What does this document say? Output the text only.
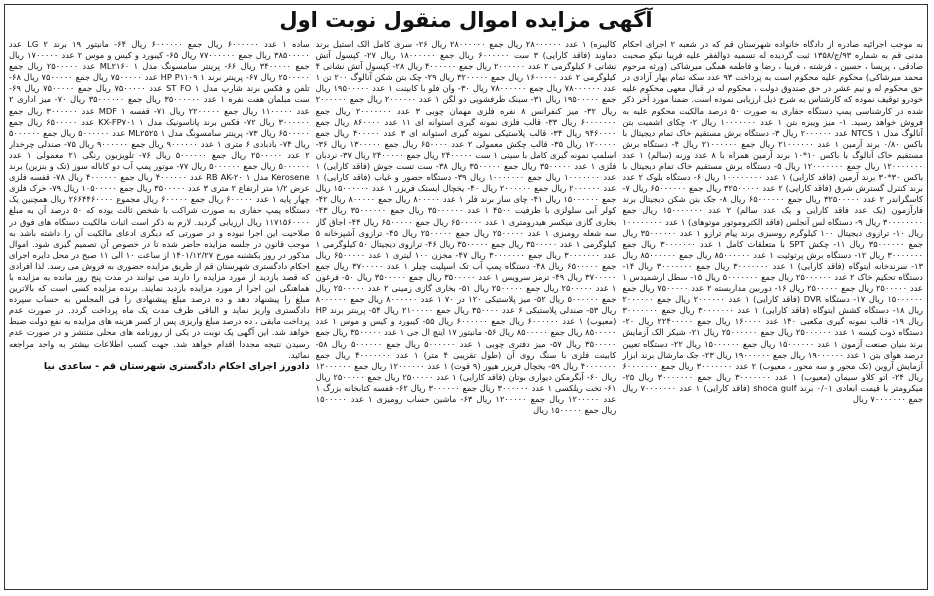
آگهی مزایده اموال منقول نوبت اول

به موجب اجرائیه صادره از دادگاه خانواده شهرستان قم که در شعبه ۲ اجرای احکام مدنی قم به شماره ۹۳/ج/۱۳۵۸ ثبت گردیده له تسمیه ذوالفقر علیه فریبا نیکو صحبت صادقی ، پریسا ، حسین ، فرشته ، فریبا ، رضا و فاطمه همگی میرشاکی (ورثه مرحوم محمد میرشاکی) محکوم علیه محکوم است به پرداخت ۹۳ عدد سکه تمام بهار آزادی در حق محکوم له و نیم عشر در حق صندوق دولت ، محکوم له در قبال معهی محکوم علیه خودرو توقیف نموده که کارشناس به شرح ذیل ارزیابی نموده است. ضمنا مورد آخر ذکر شده در کارشناسی پمپ دستگاه حفاری به صورت ۵۰ درصد مالکیت محکوم علیه به فروش خواهد رسید. ۱- میز ویبره بتن ۱ عدد ۱۰۰۰۰۰۰۰ ریال ۲- چکای اشمیت بتن آنالوگ مدل NTCS ۱ عدد ۲۰۰۰۰۰۰ ریال ۳- دستگاه برش مستقیم خاک تمام دیجیتال با باکس ۰/۸۰ برند آرمین ۱ عدد ۲۱۰۰۰۰۰۰ ریال جمع ۲۱۰۰۰۰۰۰ ریال ۴- دستگاه برش مستقیم خاک آنالوگ با باکس ۱۰*۱۰ برند آرمین همراه با ۸ عدد وزنه (سالم) ۱ عدد ۱۲۰۰۰۰۰۰۰ ریال جمع ۱۲۰۰۰۰۰۰۰ ریال ۵- دستگاه برش مستقیم خاک تمام دیجیتال با باکس ۳۰*۳۰ برند آرمین (فاقد کارایی) ۱ عدد ۱۰۰۰۰۰۰۰۰ ریال ۶- دستگاه بلوک ۲ عدد برند کنترل گسترش شرق (فاقد کارایی) ۲ عدد ۳۲۵۰۰۰۰۰ ریال جمع ۶۵۰۰۰۰۰۰ ریال ۷- کاسگراندر ۲ عدد ۳۲۵۰۰۰۰۰ ریال جمع ۶۵۰۰۰۰۰۰ ریال ۸- جک بتن شکن دیجیتال برند فارآزمون (یک عدد فاقد کارایی و یک عدد سالم) ۲ عدد ۱۵۰۰۰۰۰۰۰ ریال جمع ۳۰۰۰۰۰۰۰۰ ریال ۹- دستگاه لس آنجلس (فاقد الکتروموتور موتوهای) ۱ عدد ۱۰۰۰۰۰۰۰۰ ریال ۱۰- ترازوی دیجیتال ۱۰۰ کیلوگرم روسیزی برند پیام ترازو ۱ عدد ۳۵۰۰۰۰۰۰ ریال جمع ۳۵۰۰۰۰۰۰ ریال ۱۱- چکش SPT با متعلقات کامل ۱ عدد ۳۰۰۰۰۰۰۰ ریال جمع ۳۰۰۰۰۰۰۰ ریال ۱۲- دستگاه برش پرتوئیت ۱ عدد ۸۵۰۰۰۰۰۰ ریال جمع ۸۵۰۰۰۰۰۰ ریال ۱۳- سرندخانه ایتوگاه (فاقد کارایی) ۱ عدد ۳۰۰۰۰۰۰۰ ریال جمع ۳۰۰۰۰۰۰۰ ریال ۱۴- دستگاه تحکیم خاک ۲ عدد ۲۵۰۰۰۰۰۰ ریال جمع ۵۰۰۰۰۰۰۰ ریال ۱۵- سطل ارشمیدس ۱ عدد ۲۵۰۰۰۰۰ ریال جمع ۲۵۰۰۰۰۰ ریال ۱۶- دوربین مداربسته ۲ عدد ۷۵۰۰۰۰۰ ریال جمع ۱۵۰۰۰۰۰۰ ریال ۱۷- دستگاه DVR (فاقد کارایی) ۱ عدد ۲۰۰۰۰۰۰ ریال جمع ۲۰۰۰۰۰۰ ریال ۱۸- دستگاه کشش ایتوگاه (فاقد کارایی) ۱ عدد ۳۰۰۰۰۰۰۰ ریال جمع ۳۰۰۰۰۰۰۰ ریال ۱۹- قالب نمونه گیری مکعبی ۱۴۰ عدد ۱۶۰۰۰۰ ریال جمع ۲۲۴۰۰۰۰۰ ریال ۲۰- دستگاه ذوب کیسه ۱ عدد ۲۵۰۰۰۰۰۰ ریال جمع ۲۵۰۰۰۰۰۰ ریال ۲۱- شیکر الک آزمایش برند بنیان صنعت آزمون ۱ عدد ۱۵۰۰۰۰۰۰ ریال جمع ۱۵۰۰۰۰۰۰ ریال ۲۲- دستگاه تعیین درصد هوای بتن ۱ عدد ۱۹۰۰۰۰۰۰ ریال جمع ۱۹۰۰۰۰۰۰ ریال ۲۳- جک مارشال برند ابزار آزمایش آروین (تک محور و سه محور ، معیوب) ۲ عدد ۳۰۰۰۰۰۰۰ ریال جمع ۶۰۰۰۰۰۰۰ ریال ۲۴- اتو کلاو سیمان (معیوب) ۱ عدد ۳۰۰۰۰۰۰۰ ریال جمع ۳۰۰۰۰۰۰۰ ریال ۲۵- میکرومتر با قیمت ابعادی ۰/۰۱ برند shoca gulf (فاقد کارایی) ۱ عدد ۷۰۰۰۰۰۰۰ ریال جمع ۷۰۰۰۰۰۰۰ ریال

کالیبره) ۱ عدد ۲۸۰۰۰۰۰۰ ریال جمع ۲۸۰۰۰۰۰۰ ریال ۲۶- سری کامل الک استیل برند دماوند (فاقد کارایی) ۳ ست ۶۰۰۰۰۰۰ ریال جمع ۱۸۰۰۰۰۰۰ ریال ۲۷- کپسول آتش نشانی ۶ کیلوگرمی ۲ عدد ۲۰۰۰۰۰۰ ریال جمع ۴۰۰۰۰۰۰ ریال ۲۸- کپسول آتش نشانی ۴ کیلوگرمی ۲ عدد ۱۶۰۰۰۰۰ ریال جمع ۳۲۰۰۰۰۰ ریال ۲۹- چک بتن شکن آنالوگ ۲۰۰ تن ۱ عدد ۷۸۰۰۰۰۰۰ ریال جمع ۷۸۰۰۰۰۰۰ ریال ۳۰- وان فلو با کابینت ۱ عدد ۱۹۵۰۰۰۰۰ ریال جمع ۱۹۵۰۰۰۰۰ ریال ۳۱- سینک ظرفشویی دو لگن ۱ عدد ۲۰۰۰۰۰۰ ریال جمع ۲۰۰۰۰۰۰ ریال ۳۲- میز کنفرانس ۸ نفره فلزی مهمان چوبی ۳ عدد ۲۰۰۰۰۰۰۰ ریال جمع ۶۰۰۰۰۰۰۰ ریال ۳۳- قالب فلزی نمونه گیری استوانه ای ۱۱ عدد ۸۶۰۰۰۰ ریال جمع ۹۴۶۰۰۰۰ ریال ۳۴- قالب پلاستیکی نمونه گیری استوانه ای ۳ عدد ۴۰۰۰۰۰ ریال جمع ۱۲۰۰۰۰۰ ریال ۳۵- قالب چکش معمولی ۲ عدد ۶۵۰۰۰۰ ریال جمع ۱۳۰۰۰۰۰ ریال ۳۶- اسلمپ نمونه گیری کامل با سینی ۱ ست ۲۴۰۰۰۰۰ ریال جمع ۲۴۰۰۰۰۰ ریال ۳۷- نردبان فلزی ۱ عدد ۳۵۰۰۰۰۰ ریال جمع ۳۵۰۰۰۰۰ ریال ۳۸- ست تست جوش (فاقد کارایی) ۱ عدد ۱۰۰۰۰۰۰۰ ریال جمع ۱۰۰۰۰۰۰۰ ریال ۳۹- دستگاه حضور و غیاب (فاقد کارایی) ۱ عدد ۲۰۰۰۰۰۰ ریال جمع ۲۰۰۰۰۰۰ ریال ۴۰- یخچال ایستک فریزر ۱ عدد ۱۵۰۰۰۰۰۰ ریال جمع ۱۵۰۰۰۰۰۰ ریال ۴۱- چای ساز برند فلر ۱ عدد ۸۰۰۰۰۰ ریال جمع ۸۰۰۰۰۰ ریال ۴۲- کولر آبی سلولزی با ظرفیت ۴۵۰۰ ۱ عدد ۳۵۰۰۰۰۰۰ ریال جمع ۳۵۰۰۰۰۰۰ ریال ۴۳- بخاری گازی میکسر هیدرومتری ۱ عدد ۶۵۰۰۰۰۰ ریال جمع ۶۵۰۰۰۰۰ ریال ۴۴- اجاق گاز سه شعله رومیزی ۱ عدد ۲۵۰۰۰۰۰ ریال جمع ۲۵۰۰۰۰۰ ریال ۴۵- ترازوی آشپزخانه ۵ کیلوگرمی ۱ عدد ۳۵۰۰۰۰۰ ریال جمع ۳۵۰۰۰۰۰ ریال ۴۶- ترازوی دیجیتال ۵۰ کیلوگرمی ۱ عدد ۳۰۰۰۰۰۰۰ ریال جمع ۳۰۰۰۰۰۰۰ ریال ۴۷- مخزن ۱۰۰ لیتری ۱ عدد ۶۵۰۰۰۰۰ ریال جمع ۶۵۰۰۰۰۰ ریال ۴۸- دستگاه پمپ آب تک اسپلیت چیلر ۱ عدد ۳۷۰۰۰۰۰ ریال جمع ۳۷۰۰۰۰۰ ریال ۴۹- ترمز سرویس ۱ عدد ۳۵۰۰۰۰۰ ریال جمع ۳۵۰۰۰۰۰ ریال ۵۰- فرغون ۱ عدد ۲۵۰۰۰۰۰ ریال جمع ۲۵۰۰۰۰۰ ریال ۵۱- بخاری گازی زمینی ۲ عدد ۲۵۰۰۰۰۰ ریال جمع ۵۰۰۰۰۰۰ ریال ۵۲- میز پلاستیکی ۱۲۰ در ۷۰ ۱ عدد ۸۰۰۰۰۰۰ ریال جمع ۸۰۰۰۰۰۰ ریال ۵۳- صندلی پلاستیکی ۶ عدد ۳۵۰۰۰۰ ریال جمع ۲۱۰۰۰۰۰ ریال ۵۴- پرینتر برند HP (معیوب) ۱ عدد ۶۰۰۰۰۰۰ ریال جمع ۶۰۰۰۰۰۰ ریال ۵۵- کیبورد و کیس و موس ۱ عدد ۸۵۰۰۰۰۰ ریال جمع ۸۵۰۰۰۰۰ ریال ۵۶- مانیتور ۱۷ اینچ ال جی ۱ عدد ۳۵۰۰۰۰۰ ریال جمع ۳۵۰۰۰۰۰ ریال ۵۷- میز دفتری چوبی ۱ عدد ۵۰۰۰۰۰۰ ریال جمع ۵۰۰۰۰۰۰ ریال ۵۸- کابینت فلزی با سنگ روی آن (طول تقریبی ۴ متر) ۱ عدد ۴۰۰۰۰۰۰۰ ریال جمع ۴۰۰۰۰۰۰۰ ریال ۵۹- یخچال فریزر هیور (۹ فوت) ۱ عدد ۱۲۰۰۰۰۰۰ ریال جمع ۱۲۰۰۰۰۰۰ ریال ۶۰- آبگرمکن دیواری بوتان (فاقد کارایی) ۱ عدد ۲۵۰۰۰۰۰ ریال جمع ۲۵۰۰۰۰۰ ریال ۶۱- تخت ریلکسی ۱ عدد ۳۰۰۰۰۰۰ ریال جمع ۳۰۰۰۰۰۰ ریال ۶۲- قفسه کتابخانه بزرگ ۱ عدد ۱۲۰۰۰۰۰ ریال جمع ۱۲۰۰۰۰۰ ریال ۶۳- ماشین حساب رومیزی ۱ عدد ۱۵۰۰۰۰۰ ریال جمع ۱۵۰۰۰۰۰ ریال

ساده ۱ عدد ۶۰۰۰۰۰۰ ریال جمع ۶۰۰۰۰۰۰ ریال ۶۴- مانیتور ۱۹ برند LG ۲ عدد ۳۸۵۰۰۰۰۰ ریال جمع ۷۷۰۰۰۰۰۰ ریال ۶۵- کیبورد و کیس و موس ۲ عدد ۱۷۰۰۰۰۰ ریال جمع ۳۴۰۰۰۰۰ ریال ۶۶- پرینتر سامسونگ مدل ML۲۱۶۰ ۱ عدد ۲۵۰۰۰۰۰ ریال جمع ۲۵۰۰۰۰۰ ریال ۶۷- پرینتر برند HP P۱۱۰۹ ۱ عدد ۷۵۰۰۰۰۰ ریال جمع ۷۵۰۰۰۰۰ ریال ۶۸- تلفن و فکس برند شارپ مدل ST FO ۱ عدد ۷۵۰۰۰۰۰ ریال جمع ۷۵۰۰۰۰۰ ریال ۶۹- ست مبلمان هفت نفره ۱ عدد ۳۵۰۰۰۰۰۰ ریال جمع ۳۵۰۰۰۰۰۰ ریال ۷۰- میز اداری ۲ عدد ۱۱۰۰۰۰۰ ریال جمع ۲۲۰۰۰۰۰ ریال ۷۱- قفسه MDF ۱ عدد ۳۰۰۰۰۰۰ ریال جمع ۳۰۰۰۰۰۰ ریال ۷۲- فکس برند پاناسونیک مدل KX-FP۷۰۱ ۱ عدد ۶۵۰۰۰۰۰ ریال جمع ۶۵۰۰۰۰۰ ریال ۷۳- پرینتر سامسونگ مدل ML۲۵۲۵ ۱ عدد ۵۰۰۰۰۰۰ ریال جمع ۵۰۰۰۰۰۰ ریال ۷۴- بادبادی ۶ متری ۱ عدد ۹۰۰۰۰۰۰ ریال جمع ۹۰۰۰۰۰۰ ریال ۷۵- صندلی چرخدار ۲ عدد ۲۵۰۰۰۰۰ ریال جمع ۵۰۰۰۰۰۰ ریال ۷۶- تلویزیون رنگی ۲۱ معمولی ۱ عدد ۵۰۰۰۰۰۰ ریال جمع ۵۰۰۰۰۰۰ ریال ۷۷- موتور پمپ آب دو کاناله سوز (تک و بنزین) برند Kerosene مدل RB AK-۲۰ ۱ عدد ۴۰۰۰۰۰۰ ریال جمع ۴۰۰۰۰۰۰ ریال ۷۸- قفسه فلزی عرض ۱/۲ متر ارتفاع ۲ متری ۳ عدد ۳۵۰۰۰۰۰ ریال جمع ۱۰۵۰۰۰۰۰ ریال ۷۹- خرک فلزی چهار پایه ۱ عدد ۶۰۰۰۰۰ ریال جمع ۶۰۰۰۰۰ ریال مجموع ۲۶۶۴۴۶۰۰۰۰ ریال همچنین یک دستگاه پمپ حفاری به صورت شراکت با شخص ثالث بوده که ۵۰ درصد آن به مبلغ ۱۱۷۱۵۶۰۰۰۰ ریال ارزیابی گردید. لازم به ذکر است اثبات مالکیت دستگاه های فوق در صلاحیت این اجرا نبوده و در صورتی که دیگری ادعای مالکیت آن را داشته باشد به موجب قانون در جلسه مزایده حاضر شده تا در خصوص آن تصمیم گیری شود. اموال مذکور در روز یکشنبه مورخ ۱۴۰۱/۱۲/۲۷ از ساعت ۱۰ الی ۱۱ صبح در محل دایره اجرای احکام دادگستری شهرستان قم از طریق مزایده حضوری به فروش می رسد. لذا افرادی که قصد بازدید از مورد مزایده را دارند می توانند در مدت پنج روز مانده به مزایده با هماهنگی این اجرا از مورد مزایده بازدید نمایند. برنده مزایده کسی است که بالاترین مبلغ را پیشنهاد دهد و ده درصد مبلغ پیشنهادی را فی المجلس به حساب سپرده دادگستری واریز نماید و الباقی ظرف مدت یک ماه پرداخت گردد. در صورت عدم پرداخت مابقی ، ده درصد مبلغ واریزی پس از کسر هزینه های مزایده به نفع دولت ضبط خواهد شد. این آگهی یک نوبت در یکی از روزنامه های محلی منتشر و در صورت عدم رسیدن نتیجه مجددا اقدام خواهد شد. جهت کسب اطلاعات بیشتر به واحد مراجعه نمائید.

دادورز اجرای احکام دادگستری شهرستان قم - ساعدی نیا
